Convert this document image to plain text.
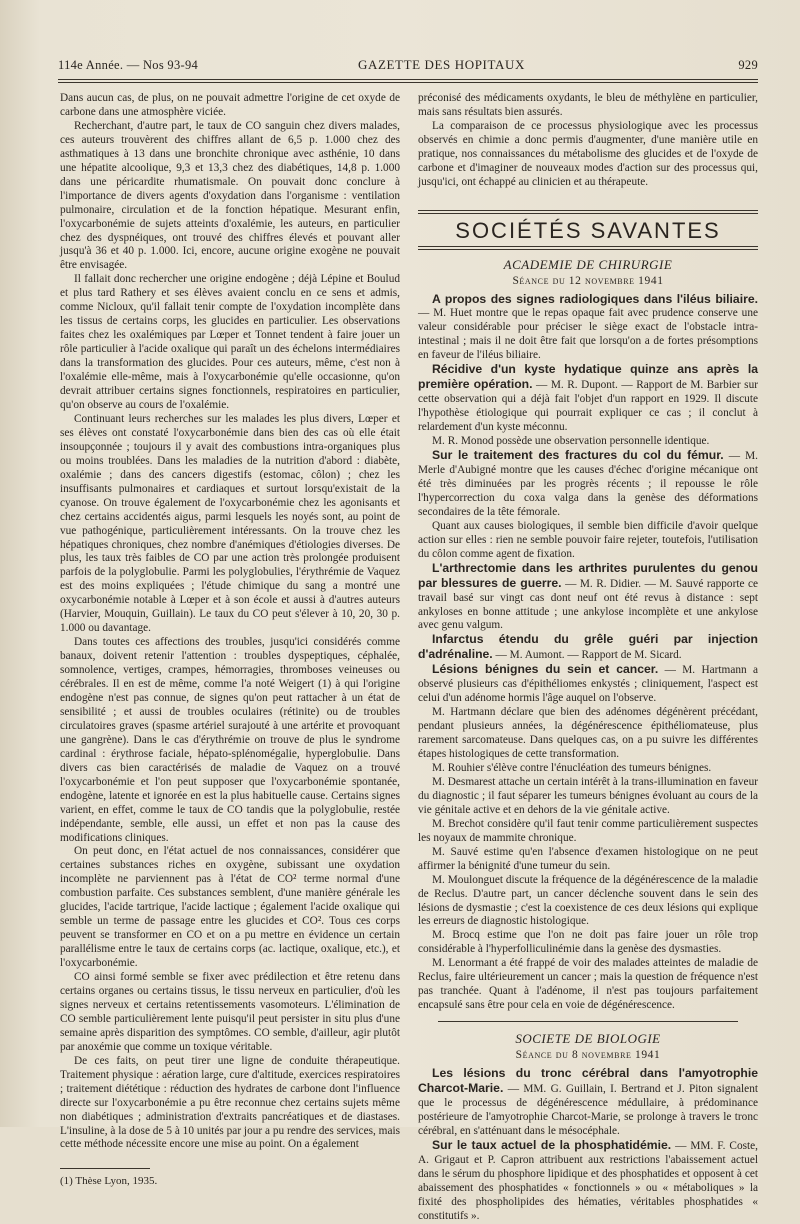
114e Année. — Nos 93-94	GAZETTE DES HOPITAUX	929

Dans aucun cas, de plus, on ne pouvait admettre l'origine de cet oxyde de carbone dans une atmosphère viciée.

Recherchant, d'autre part, le taux de CO sanguin chez divers malades, ces auteurs trouvèrent des chiffres allant de 6,5 p. 1.000 chez des asthmatiques à 13 dans une bronchite chronique avec asthénie, 10 dans une hépatite alcoolique, 9,3 et 13,3 chez des diabétiques, 14,8 p. 1.000 dans une péricardite rhumatismale. On pouvait donc conclure à l'importance de divers agents d'oxydation dans l'organisme : ventilation pulmonaire, circulation et de la fonction hépatique. Mesurant enfin, l'oxycarbonémie de sujets atteints d'oxalémie, les auteurs, en particulier chez des dyspnéiques, ont trouvé des chiffres élevés et pouvant aller jusqu'à 36 et 40 p. 1.000. Ici, encore, aucune origine exogène ne pouvait être envisagée.

Il fallait donc rechercher une origine endogène ; déjà Lépine et Boulud et plus tard Rathery et ses élèves avaient conclu en ce sens et admis, comme Nicloux, qu'il fallait tenir compte de l'oxydation incomplète dans les tissus de certains corps, les glucides en particulier. Les observations faites chez les oxalémiques par Lœper et Tonnet tendent à faire jouer un rôle particulier à l'acide oxalique qui paraît un des échelons intermédiaires dans la transformation des glucides. Pour ces auteurs, même, c'est non à l'oxalémie elle-même, mais à l'oxycarbonémie qu'elle occasionne, qu'on devrait attribuer certains signes fonctionnels, respiratoires en particulier, qu'on observe au cours de l'oxalémie.

Continuant leurs recherches sur les malades les plus divers, Lœper et ses élèves ont constaté l'oxycarbonémie dans bien des cas où elle était insoupçonnée ; toujours il y avait des combustions intra-organiques plus ou moins troublées. Dans les maladies de la nutrition d'abord : diabète, oxalémie ; dans des cancers digestifs (estomac, côlon) ; chez les insuffisants pulmonaires et cardiaques et surtout lorsqu'existait de la cyanose. On trouve également de l'oxycarbonémie chez les agonisants et chez certains accidentés aigus, parmi lesquels les noyés sont, au point de vue pathogénique, particulièrement intéressants. On la trouve chez les hépatiques chroniques, chez nombre d'anémiques d'étiologies diverses. De plus, les taux très faibles de CO par une action très prolongée produisent parfois de la polyglobulie. Parmi les polyglobulies, l'érythrémie de Vaquez est des moins expliquées ; l'étude chimique du sang a montré une oxycarbonémie notable à Lœper et à son école et aussi à d'autres auteurs (Harvier, Mouquin, Guillain). Le taux du CO peut s'élever à 10, 20, 30 p. 1.000 ou davantage.

Dans toutes ces affections des troubles, jusqu'ici considérés comme banaux, doivent retenir l'attention : troubles dyspeptiques, céphalée, somnolence, vertiges, crampes, hémorragies, thromboses veineuses ou cérébrales. Il en est de même, comme l'a noté Weigert (1) à qui l'origine endogène n'est pas connue, de signes qu'on peut rattacher à un état de sensibilité ; et aussi de troubles oculaires (rétinite) ou de troubles circulatoires graves (spasme artériel surajouté à une artérite et provoquant une gangrène). Dans le cas d'érythrémie on trouve de plus le syndrome cardinal : érythrose faciale, hépato-splénomégalie, hyperglobulie. Dans divers cas bien caractérisés de maladie de Vaquez on a trouvé l'oxycarbonémie et l'on peut supposer que l'oxycarbonémie spontanée, endogène, latente et ignorée en est la plus habituelle cause. Certains signes varient, en effet, comme le taux de CO tandis que la polyglobulie, restée indépendante, semble, elle aussi, un effet et non pas la cause des modifications cliniques.

On peut donc, en l'état actuel de nos connaissances, considérer que certaines substances riches en oxygène, subissant une oxydation incomplète ne parviennent pas à l'état de CO² terme normal d'une combustion parfaite. Ces substances semblent, d'une manière générale les glucides, l'acide tartrique, l'acide lactique ; également l'acide oxalique qui semble un terme de passage entre les glucides et CO². Tous ces corps peuvent se transformer en CO et on a pu mettre en évidence un certain parallélisme entre le taux de certains corps (ac. lactique, oxalique, etc.), et l'oxycarbonémie.

CO ainsi formé semble se fixer avec prédilection et être retenu dans certains organes ou certains tissus, le tissu nerveux en particulier, d'où les signes nerveux et certains retentissements vasomoteurs. L'élimination de CO semble particulièrement lente puisqu'il peut persister in situ plus d'une semaine après disparition des symptômes. CO semble, d'ailleur, agir plutôt par anoxémie que comme un toxique véritable.

De ces faits, on peut tirer une ligne de conduite thérapeutique. Traitement physique : aération large, cure d'altitude, exercices respiratoires ; traitement diététique : réduction des hydrates de carbone dont l'influence directe sur l'oxycarbonémie a pu être reconnue chez certains sujets même non diabétiques ; administration d'extraits pancréatiques et de diastases. L'insuline, à la dose de 5 à 10 unités par jour a pu rendre des services, mais cette méthode nécessite encore une mise au point. On a également

(1) Thèse Lyon, 1935.

préconisé des médicaments oxydants, le bleu de méthylène en particulier, mais sans résultats bien assurés.

La comparaison de ce processus physiologique avec les processus observés en chimie a donc permis d'augmenter, d'une manière utile en pratique, nos connaissances du métabolisme des glucides et de l'oxyde de carbone et d'imaginer de nouveaux modes d'action sur des processus qui, jusqu'ici, ont échappé au clinicien et au thérapeute.

SOCIÉTÉS SAVANTES
ACADEMIE DE CHIRURGIE
Séance du 12 novembre 1941

A propos des signes radiologiques dans l'iléus biliaire. — M. Huet montre que le repas opaque fait avec prudence conserve une valeur considérable pour préciser le siège exact de l'obstacle intra-intestinal ; mais il ne doit être fait que lorsqu'on a de fortes présomptions en faveur de l'iléus biliaire.

Récidive d'un kyste hydatique quinze ans après la première opération. — M. R. Dupont. — Rapport de M. Barbier sur cette observation qui a déjà fait l'objet d'un rapport en 1929. Il discute l'hypothèse étiologique qui pourrait expliquer ce cas ; il conclut à relardement d'un kyste méconnu.

M. R. Monod possède une observation personnelle identique.

Sur le traitement des fractures du col du fémur. — M. Merle d'Aubigné montre que les causes d'échec d'origine mécanique ont été très diminuées par les progrès récents ; il repousse le rôle l'hypercorrection du coxa valga dans la genèse des déformations secondaires de la tête fémorale.

Quant aux causes biologiques, il semble bien difficile d'avoir quelque action sur elles : rien ne semble pouvoir faire rejeter, toutefois, l'utilisation du côlon comme agent de fixation.

L'arthrectomie dans les arthrites purulentes du genou par blessures de guerre. — M. R. Didier. — M. Sauvé rapporte ce travail basé sur vingt cas dont neuf ont été revus à distance : sept ankyloses en bonne attitude ; une ankylose incomplète et une ankylose avec genu valgum.

Infarctus étendu du grêle guéri par injection d'adrénaline. — M. Aumont. — Rapport de M. Sicard.

Lésions bénignes du sein et cancer. — M. Hartmann a observé plusieurs cas d'épithéliomes enkystés ; cliniquement, l'aspect est celui d'un adénome hormis l'âge auquel on l'observe.

M. Hartmann déclare que bien des adénomes dégénèrent précédant, pendant plusieurs années, la dégénérescence épithéliomateuse, plus rarement sarcomateuse. Dans quelques cas, on a pu suivre les différentes étapes histologiques de cette transformation.

M. Rouhier s'élève contre l'énucléation des tumeurs bénignes.

M. Desmarest attache un certain intérêt à la trans-illumination en faveur du diagnostic ; il faut séparer les tumeurs bénignes évoluant au cours de la vie génitale active et en dehors de la vie génitale active.

M. Brechot considère qu'il faut tenir comme particulièrement suspectes les noyaux de mammite chronique.

M. Sauvé estime qu'en l'absence d'examen histologique on ne peut affirmer la bénignité d'une tumeur du sein.

M. Moulonguet discute la fréquence de la dégénérescence de la maladie de Reclus. D'autre part, un cancer déclenche souvent dans le sein des lésions de dysmastie ; c'est la coexistence de ces deux lésions qui explique les erreurs de diagnostic histologique.

M. Brocq estime que l'on ne doit pas faire jouer un rôle trop considérable à l'hyperfolliculinémie dans la genèse des dysmasties.

M. Lenormant a été frappé de voir des malades atteintes de maladie de Reclus, faire ultérieurement un cancer ; mais la question de fréquence n'est pas tranchée. Quant à l'adénome, il n'est pas toujours parfaitement encapsulé sans être pour cela en voie de dégénérescence.

SOCIETE DE BIOLOGIE
Séance du 8 novembre 1941

Les lésions du tronc cérébral dans l'amyotrophie Charcot-Marie. — MM. G. Guillain, I. Bertrand et J. Piton signalent que le processus de dégénérescence médullaire, à prédominance postérieure de l'amyotrophie Charcot-Marie, se prolonge à travers le tronc cérébral, en s'atténuant dans le mésocéphale.

Sur le taux actuel de la phosphatidémie. — MM. F. Coste, A. Grigaut et P. Capron attribuent aux restrictions l'abaissement actuel dans le sérum du phosphore lipidique et des phosphatides et opposent à cet abaissement des phosphatides « fonctionnels » ou « métaboliques » la fixité des phospholipides des hématies, véritables phosphatides « constitutifs ».
